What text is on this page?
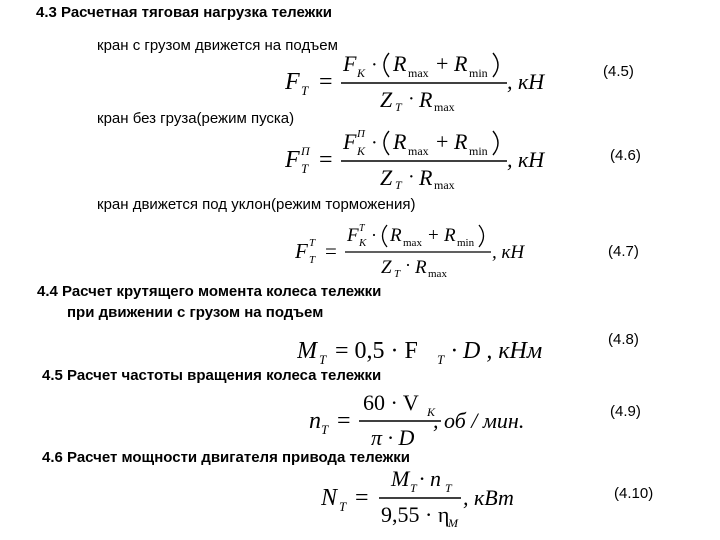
4.3 Расчетная тяговая нагрузка тележки
кран с грузом движется на подъем
F T =
F K · R max + R min
Z T · R max
, кН	(4.5)
кран без груза(режим пуска)
F П
T =
F П
K · R max + R min
Z T · R max
, кН	(4.6)
кран движется под уклон(режим торможения)
F Т
T =
F Т
K · R max + R min
Z T · R max
, кН	(4.7)
4.4 Расчет крутящего момента колеса тележки
при движении с грузом на подъем
M T = 0,5 · F T · D , кНм	(4.8)
4.5 Расчет частоты вращения колеса тележки
n T =
60 · V K
π · D
, об / мин.	(4.9)
4.6 Расчет мощности двигателя привода тележки
N T =
M T · n T
9,55 · η
M
, кВт	(4.10)
